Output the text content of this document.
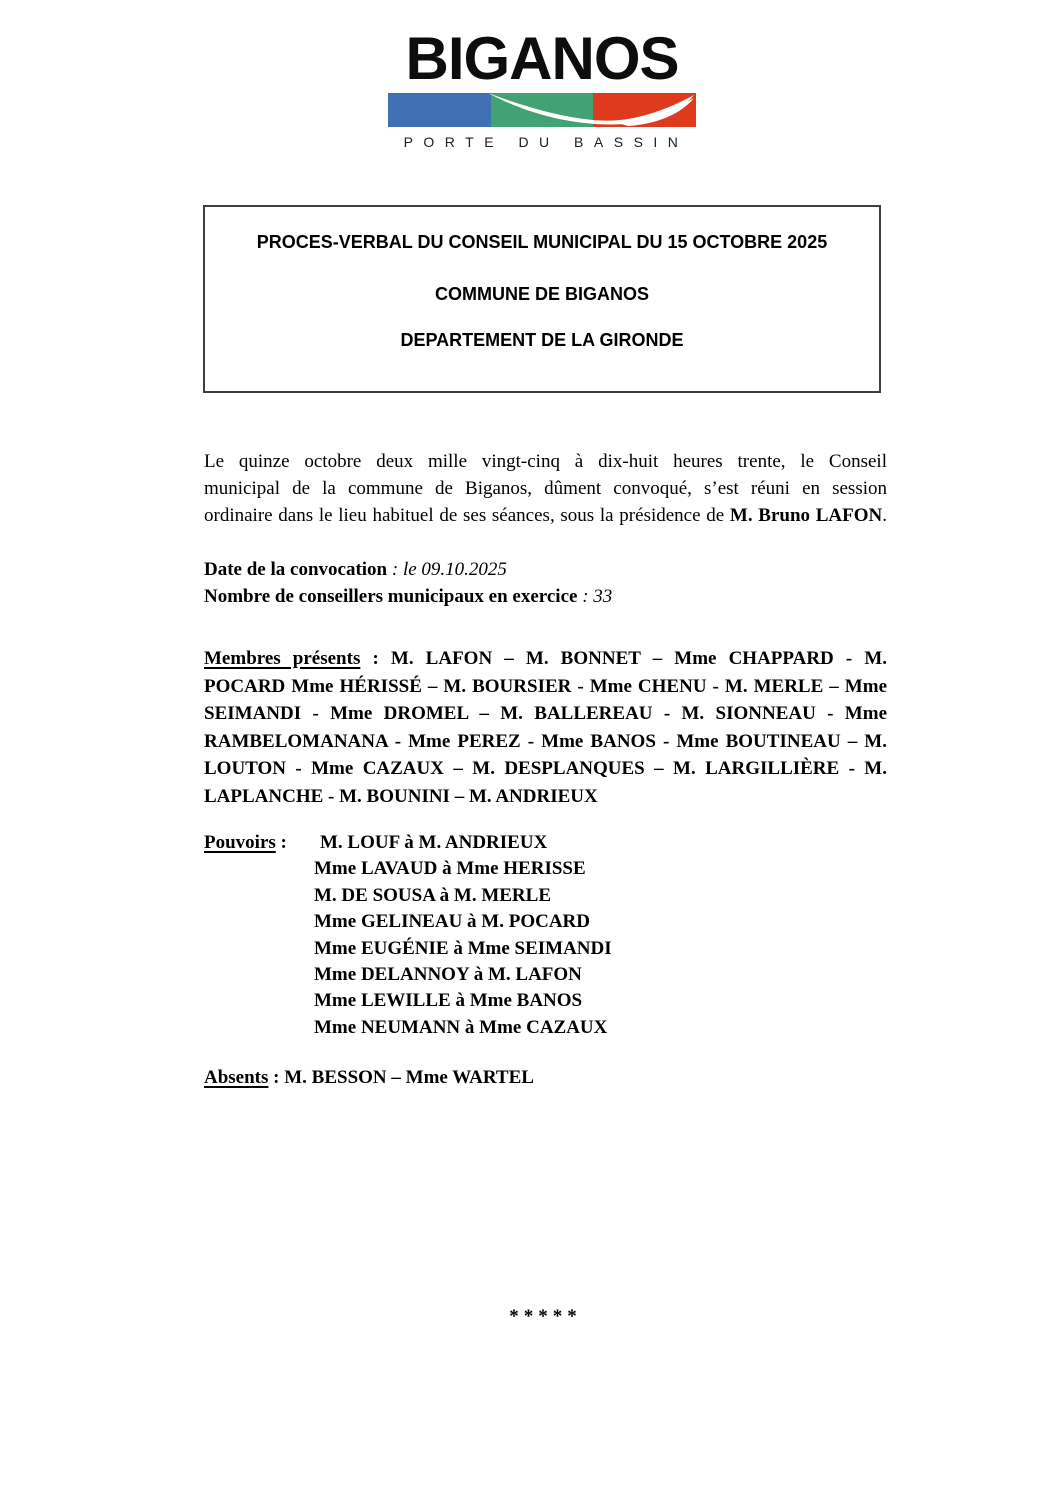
BIGANOS
PORTE DU BASSIN
PROCES-VERBAL DU CONSEIL MUNICIPAL DU 15 OCTOBRE 2025
COMMUNE DE BIGANOS
DEPARTEMENT DE LA GIRONDE
Le quinze octobre deux mille vingt-cinq à dix-huit heures trente, le Conseil
municipal de la commune de Biganos, dûment convoqué, s’est réuni en session
ordinaire dans le lieu habituel de ses séances, sous la présidence de M. Bruno LAFON.
Date de la convocation : le 09.10.2025
Nombre de conseillers municipaux en exercice : 33
Membres présents : M. LAFON – M. BONNET – Mme CHAPPARD - M.
POCARD Mme HÉRISSÉ – M. BOURSIER - Mme CHENU - M. MERLE – Mme
SEIMANDI - Mme DROMEL – M. BALLEREAU - M. SIONNEAU - Mme
RAMBELOMANANA - Mme PEREZ - Mme BANOS - Mme BOUTINEAU – M.
LOUTON - Mme CAZAUX – M. DESPLANQUES – M. LARGILLIÈRE - M.
LAPLANCHE - M. BOUNINI – M. ANDRIEUX
Pouvoirs :	M. LOUF à M. ANDRIEUX
Mme LAVAUD à Mme HERISSE
M. DE SOUSA à M. MERLE
Mme GELINEAU à M. POCARD
Mme EUGÉNIE à Mme SEIMANDI
Mme DELANNOY à M. LAFON
Mme LEWILLE à Mme BANOS
Mme NEUMANN à Mme CAZAUX
Absents : M. BESSON – Mme WARTEL
*****
